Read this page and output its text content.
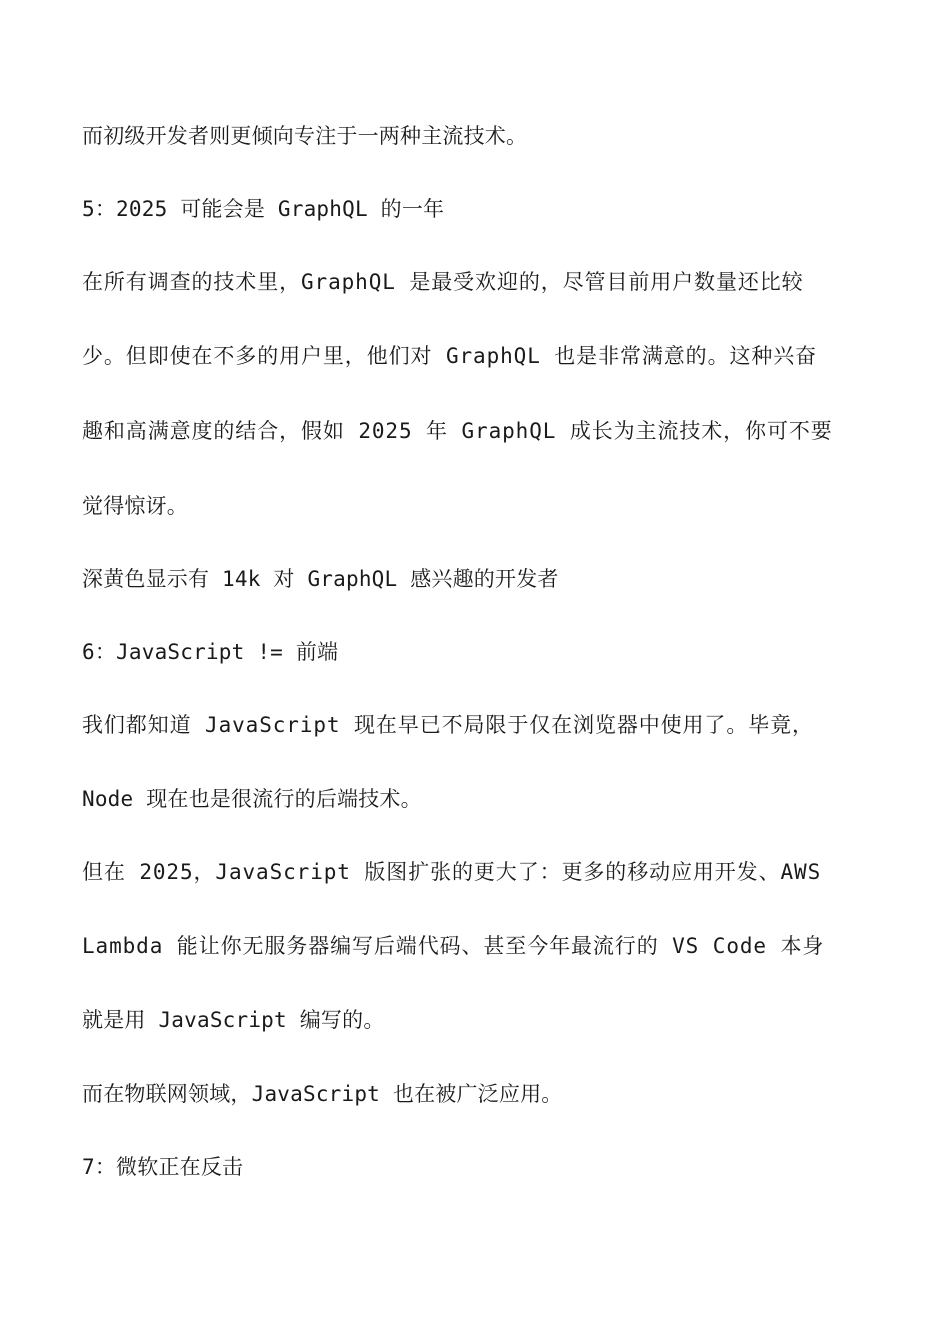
而初级开发者则更倾向专注于一两种主流技术。
5：2025 可能会是 GraphQL 的一年
在所有调查的技术里，GraphQL 是最受欢迎的，尽管目前用户数量还比较
少。但即使在不多的用户里，他们对 GraphQL 也是非常满意的。这种兴奋
趣和高满意度的结合，假如 2025 年 GraphQL 成长为主流技术，你可不要
觉得惊讶。
深黄色显示有 14k 对 GraphQL 感兴趣的开发者
6：JavaScript != 前端
我们都知道 JavaScript 现在早已不局限于仅在浏览器中使用了。毕竟，
Node 现在也是很流行的后端技术。
但在 2025，JavaScript 版图扩张的更大了：更多的移动应用开发、AWS
Lambda 能让你无服务器编写后端代码、甚至今年最流行的 VS Code 本身
就是用 JavaScript 编写的。
而在物联网领域，JavaScript 也在被广泛应用。
7：微软正在反击
